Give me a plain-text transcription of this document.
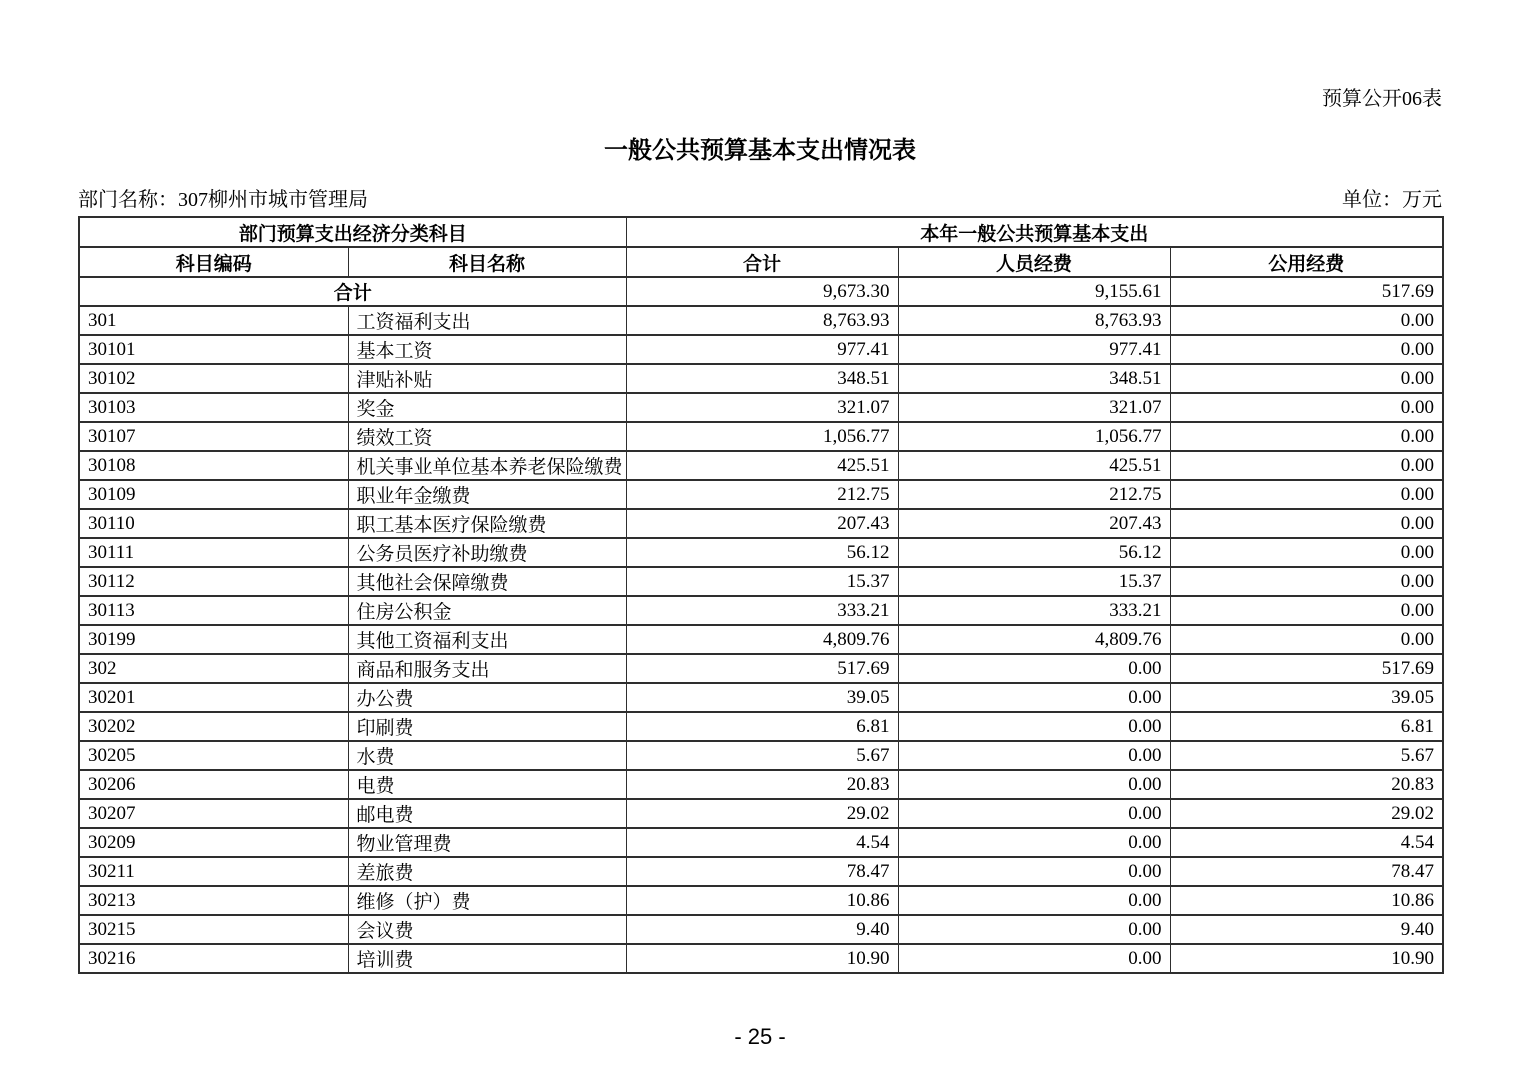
预算公开06表
一般公共预算基本支出情况表
部门名称：307柳州市城市管理局	单位：万元
部门预算支出经济分类科目		本年一般公共预算基本支出		
科目编码	科目名称	合计	人员经费	公用经费
合计		9,673.30	9,155.61	517.69
301	工资福利支出	8,763.93	8,763.93	0.00
30101	基本工资	977.41	977.41	0.00
30102	津贴补贴	348.51	348.51	0.00
30103	奖金	321.07	321.07	0.00
30107	绩效工资	1,056.77	1,056.77	0.00
30108	机关事业单位基本养老保险缴费	425.51	425.51	0.00
30109	职业年金缴费	212.75	212.75	0.00
30110	职工基本医疗保险缴费	207.43	207.43	0.00
30111	公务员医疗补助缴费	56.12	56.12	0.00
30112	其他社会保障缴费	15.37	15.37	0.00
30113	住房公积金	333.21	333.21	0.00
30199	其他工资福利支出	4,809.76	4,809.76	0.00
302	商品和服务支出	517.69	0.00	517.69
30201	办公费	39.05	0.00	39.05
30202	印刷费	6.81	0.00	6.81
30205	水费	5.67	0.00	5.67
30206	电费	20.83	0.00	20.83
30207	邮电费	29.02	0.00	29.02
30209	物业管理费	4.54	0.00	4.54
30211	差旅费	78.47	0.00	78.47
30213	维修（护）费	10.86	0.00	10.86
30215	会议费	9.40	0.00	9.40
30216	培训费	10.90	0.00	10.90
- 25 -
